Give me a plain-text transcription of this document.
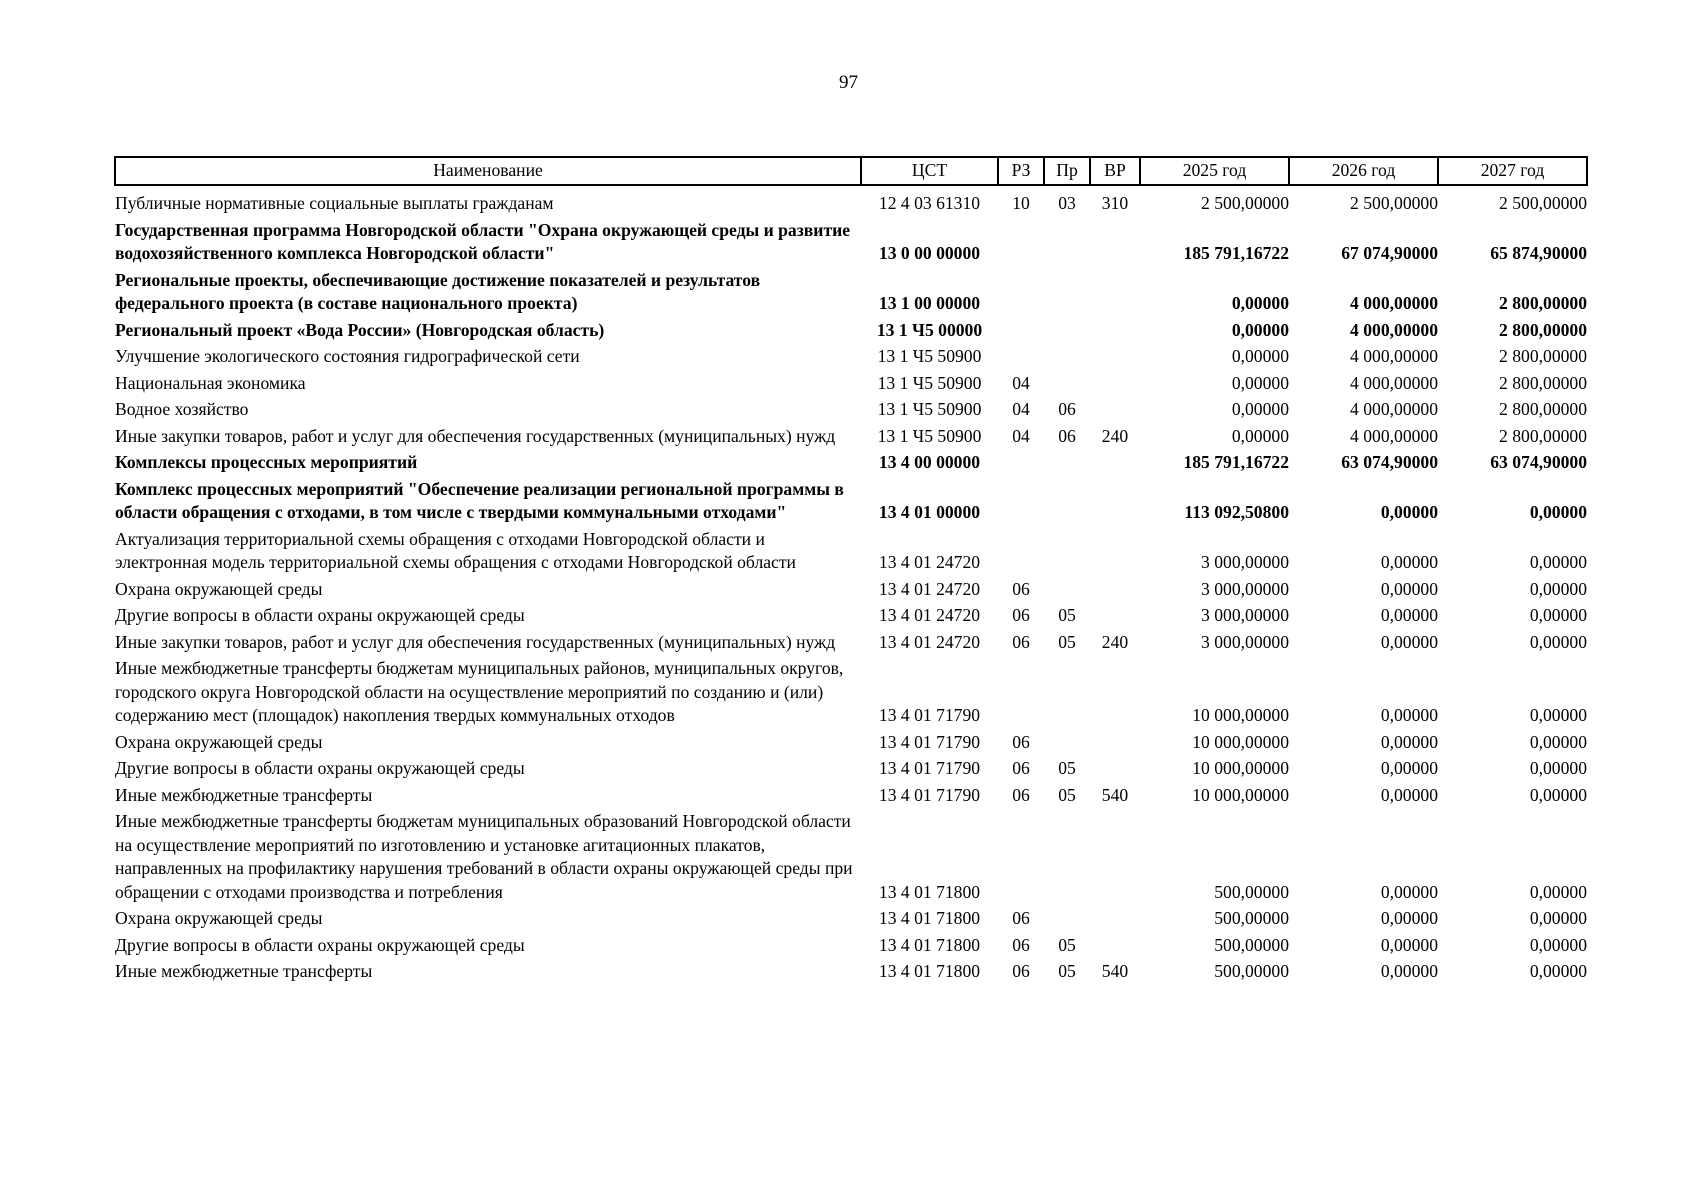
97
Наименование	ЦСТ	РЗ	Пр	ВР	2025 год	2026 год	2027 год
Публичные нормативные социальные выплаты гражданам	12 4 03 61310	10	03	310	2 500,00000	2 500,00000	2 500,00000
Государственная программа Новгородской области "Охрана окружающей среды и развитие водохозяйственного комплекса Новгородской области"	13 0 00 00000				185 791,16722	67 074,90000	65 874,90000
Региональные проекты, обеспечивающие достижение показателей и результатов федерального проекта (в составе национального проекта)	13 1 00 00000				0,00000	4 000,00000	2 800,00000
Региональный проект «Вода России» (Новгородская область)	13 1 Ч5 00000				0,00000	4 000,00000	2 800,00000
Улучшение экологического состояния гидрографической сети	13 1 Ч5 50900				0,00000	4 000,00000	2 800,00000
Национальная экономика	13 1 Ч5 50900	04			0,00000	4 000,00000	2 800,00000
Водное хозяйство	13 1 Ч5 50900	04	06		0,00000	4 000,00000	2 800,00000
Иные закупки товаров, работ и услуг для обеспечения государственных (муниципальных) нужд	13 1 Ч5 50900	04	06	240	0,00000	4 000,00000	2 800,00000
Комплексы процессных мероприятий	13 4 00 00000				185 791,16722	63 074,90000	63 074,90000
Комплекс процессных мероприятий "Обеспечение реализации региональной программы в области обращения с отходами, в том числе с твердыми коммунальными отходами"	13 4 01 00000				113 092,50800	0,00000	0,00000
Актуализация территориальной схемы обращения с отходами Новгородской области и электронная модель территориальной схемы обращения с отходами Новгородской области	13 4 01 24720				3 000,00000	0,00000	0,00000
Охрана окружающей среды	13 4 01 24720	06			3 000,00000	0,00000	0,00000
Другие вопросы в области охраны окружающей среды	13 4 01 24720	06	05		3 000,00000	0,00000	0,00000
Иные закупки товаров, работ и услуг для обеспечения государственных (муниципальных) нужд	13 4 01 24720	06	05	240	3 000,00000	0,00000	0,00000
Иные межбюджетные трансферты бюджетам муниципальных районов, муниципальных округов, городского округа Новгородской области на осуществление мероприятий по созданию и (или) содержанию мест (площадок) накопления твердых коммунальных отходов	13 4 01 71790				10 000,00000	0,00000	0,00000
Охрана окружающей среды	13 4 01 71790	06			10 000,00000	0,00000	0,00000
Другие вопросы в области охраны окружающей среды	13 4 01 71790	06	05		10 000,00000	0,00000	0,00000
Иные межбюджетные трансферты	13 4 01 71790	06	05	540	10 000,00000	0,00000	0,00000
Иные межбюджетные трансферты бюджетам муниципальных образований Новгородской области на осуществление мероприятий по изготовлению и установке агитационных плакатов, направленных на профилактику нарушения требований в области охраны окружающей среды при обращении с отходами производства и потребления	13 4 01 71800				500,00000	0,00000	0,00000
Охрана окружающей среды	13 4 01 71800	06			500,00000	0,00000	0,00000
Другие вопросы в области охраны окружающей среды	13 4 01 71800	06	05		500,00000	0,00000	0,00000
Иные межбюджетные трансферты	13 4 01 71800	06	05	540	500,00000	0,00000	0,00000
